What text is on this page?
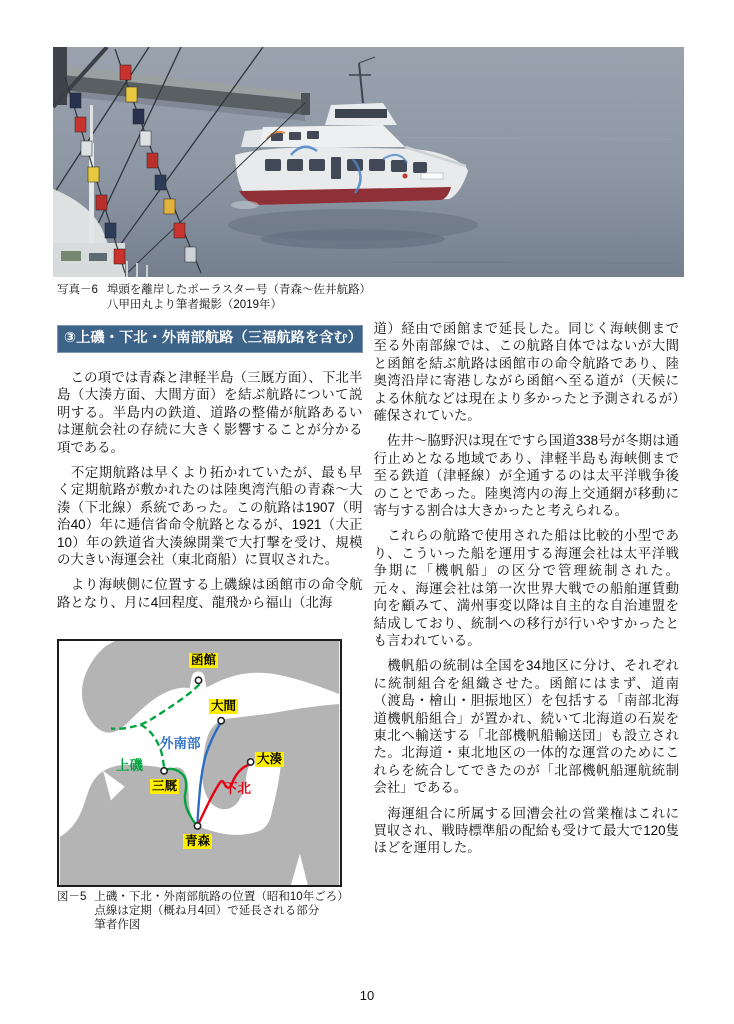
写真－6 埠頭を離岸したポーラスター号（青森～佐井航路）
八甲田丸より筆者撮影（2019年）
③上磯・下北・外南部航路（三福航路を含む）

　この項では青森と津軽半島（三厩方面）、下北半島（大湊方面、大間方面）を結ぶ航路について説明する。半島内の鉄道、道路の整備が航路あるいは運航会社の存続に大きく影響することが分かる項である。

　不定期航路は早くより拓かれていたが、最も早く定期航路が敷かれたのは陸奥湾汽船の青森～大湊（下北線）系統であった。この航路は1907（明治40）年に逓信省命令航路となるが、1921（大正10）年の鉄道省大湊線開業で大打撃を受け、規模の大きい海運会社（東北商船）に買収された。

　より海峡側に位置する上磯線は函館市の命令航路となり、月に4回程度、龍飛から福山（北海

函館
大間
大湊
三厩
青森
上磯
外南部
下北
図－5 上磯・下北・外南部航路の位置（昭和10年ごろ）
点線は定期（概ね月4回）で延長される部分
筆者作図

道）経由で函館まで延長した。同じく海峡側まで至る外南部線では、この航路自体ではないが大間と函館を結ぶ航路は函館市の命令航路であり、陸奥湾沿岸に寄港しながら函館へ至る道が（天候による休航などは現在より多かったと予測されるが）確保されていた。

　佐井～脇野沢は現在ですら国道338号が冬期は通行止めとなる地域であり、津軽半島も海峡側まで至る鉄道（津軽線）が全通するのは太平洋戦争後のことであった。陸奥湾内の海上交通網が移動に寄与する割合は大きかったと考えられる。

　これらの航路で使用された船は比較的小型であり、こういった船を運用する海運会社は太平洋戦争期に「機帆船」の区分で管理統制された。元々、海運会社は第一次世界大戦での船舶運賃動向を顧みて、満州事変以降は自主的な自治連盟を結成しており、統制への移行が行いやすかったとも言われている。

　機帆船の統制は全国を34地区に分け、それぞれに統制組合を組織させた。函館にはまず、道南（渡島・檜山・胆振地区）を包括する「南部北海道機帆船組合」が置かれ、続いて北海道の石炭を東北へ輸送する「北部機帆船輸送団」も設立された。北海道・東北地区の一体的な運営のためにこれらを統合してできたのが「北部機帆船運航統制会社」である。

　海運組合に所属する回漕会社の営業権はこれに買収され、戦時標準船の配給も受けて最大で120隻ほどを運用した。

10
